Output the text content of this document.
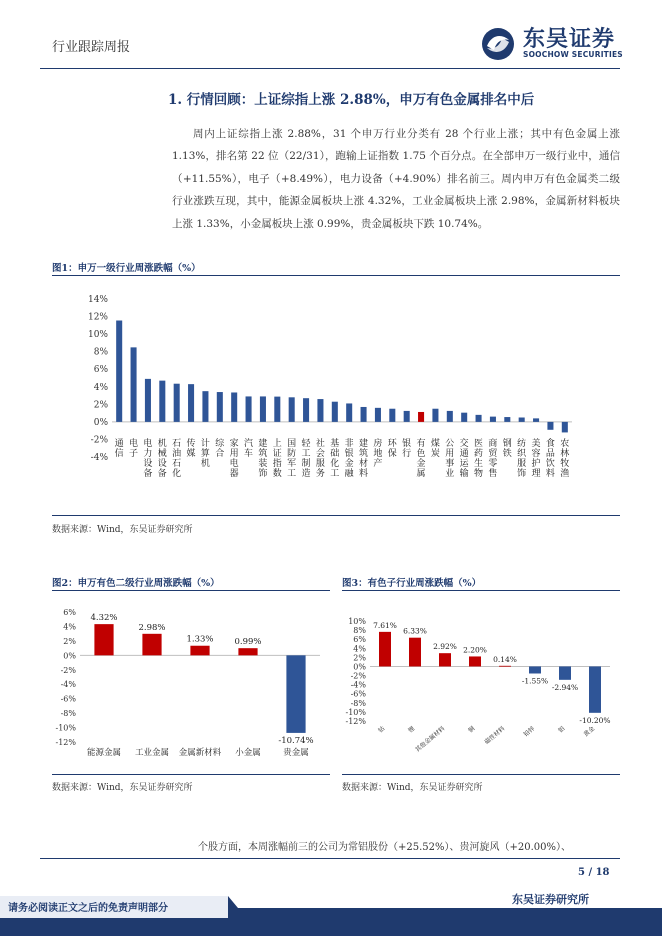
行业跟踪周报	东吴证券
SOOCHOW SECURITIES
1. 行情回顾：上证综指上涨 2.88%，申万有色金属排名中后
周内上证综指上涨 2.88%，31 个申万行业分类有 28 个行业上涨；其中有色金属上涨 1.13%，排名第 22 位（22/31），跑输上证指数 1.75 个百分点。在全部申万一级行业中，通信（+11.55%），电子（+8.49%），电力设备（+4.90%）排名前三。周内申万有色金属类二级行业涨跌互现，其中，能源金属板块上涨 4.32%，工业金属板块上涨 2.98%，金属新材料板块上涨 1.33%，小金属板块上涨 0.99%，贵金属板块下跌 10.74%。
图1：申万一级行业周涨跌幅（%）
-4%
-2%
0%
2%
4%
6%
8%
10%
12%
14%
通信
电子
电力设备
机械设备
石油石化
传媒
计算机
综合
家用电器
汽车
建筑装饰
上证指数
国防军工
轻工制造
社会服务
基础化工
非银金融
建筑材料
房地产
环保
银行
有色金属
煤炭
公用事业
交通运输
医药生物
商贸零售
钢铁
纺织服饰
美容护理
食品饮料
农林牧渔
数据来源：Wind，东吴证券研究所
图2：申万有色二级行业周涨跌幅（%）
-12%
-10%
-8%
-6%
-4%
-2%
0%
2%
4%
6%
4.32%
能源金属
2.98%
工业金属
1.33%
金属新材料
0.99%
小金属
-10.74%
贵金属
数据来源：Wind，东吴证券研究所
图3：有色子行业周涨跌幅（%）
-12%
-10%
-8%
-6%
-4%
-2%
0%
2%
4%
6%
8%
10% 7.61%
钴
6.33%
锂
2.92%
其他金属材料
2.20%
铜
0.14%
磁性材料
-1.55%
铅锌
-2.94%
铝
-10.20%
黄金
数据来源：Wind，东吴证券研究所
个股方面，本周涨幅前三的公司为常铝股份（+25.52%）、贵河旋风（+20.00%）、
5 / 18
东吴证券研究所
请务必阅读正文之后的免责声明部分
